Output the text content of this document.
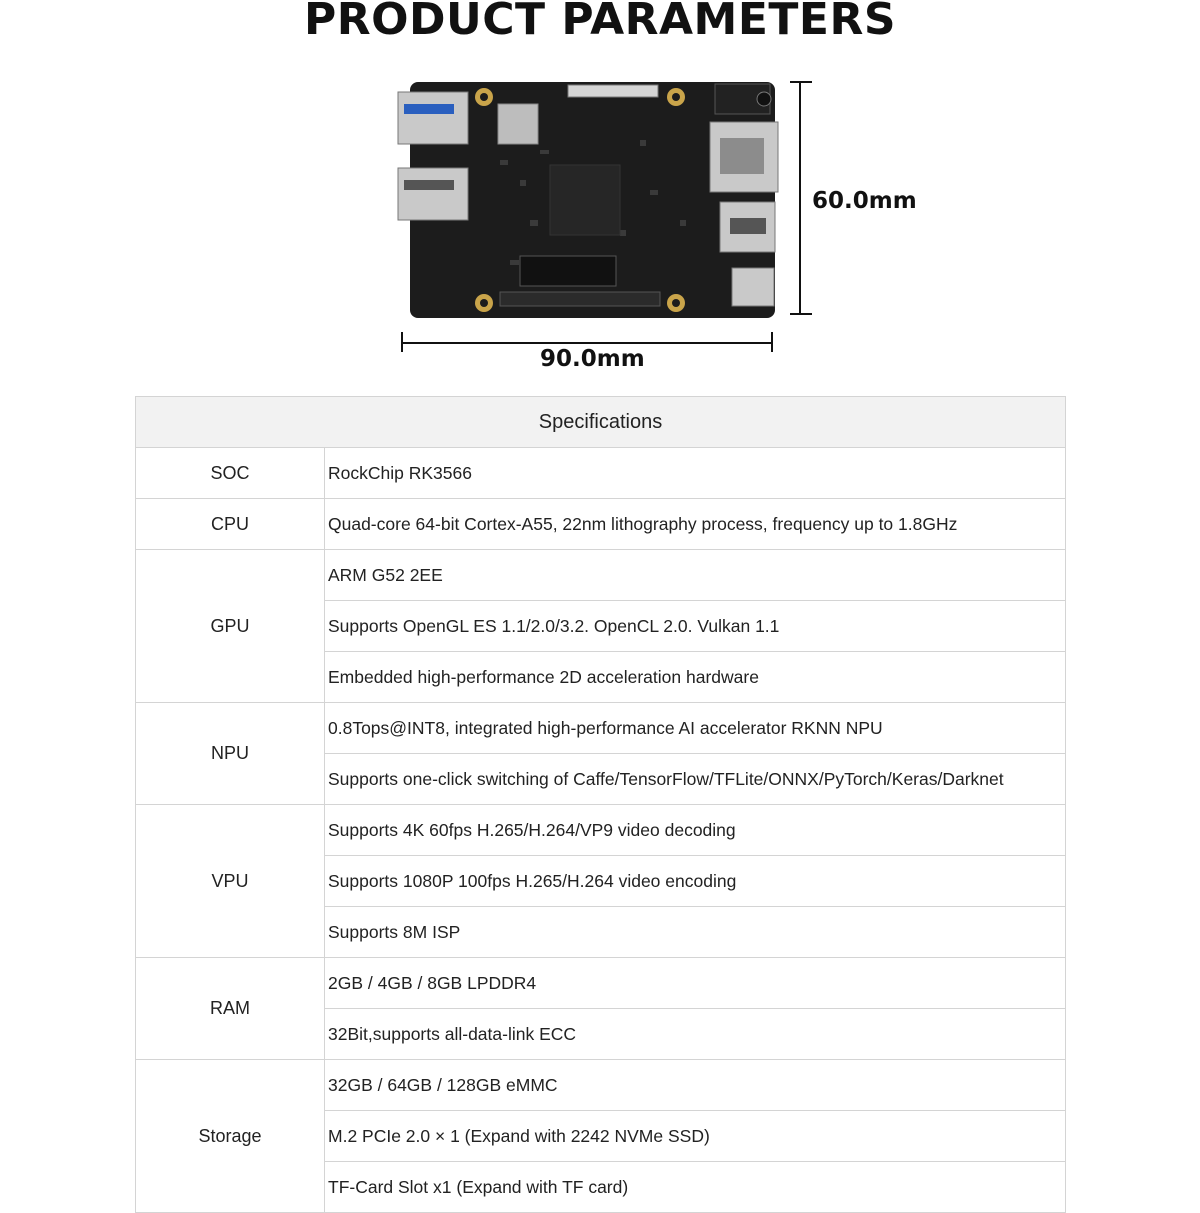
PRODUCT PARAMETERS
60.0mm
90.0mm
Specifications
SOC	RockChip RK3566
CPU	Quad-core 64-bit Cortex-A55, 22nm lithography process, frequency up to 1.8GHz
GPU
ARM G52 2EE
Supports OpenGL ES 1.1/2.0/3.2. OpenCL 2.0. Vulkan 1.1
Embedded high-performance 2D acceleration hardware
NPU
0.8Tops@INT8, integrated high-performance AI accelerator RKNN NPU
Supports one-click switching of Caffe/TensorFlow/TFLite/ONNX/PyTorch/Keras/Darknet
VPU
Supports 4K 60fps H.265/H.264/VP9 video decoding
Supports 1080P 100fps H.265/H.264 video encoding
Supports 8M ISP
RAM
2GB / 4GB / 8GB LPDDR4
32Bit,supports all-data-link ECC
Storage
32GB / 64GB / 128GB eMMC
M.2 PCIe 2.0 × 1 (Expand with 2242 NVMe SSD)
TF-Card Slot x1 (Expand with TF card)
